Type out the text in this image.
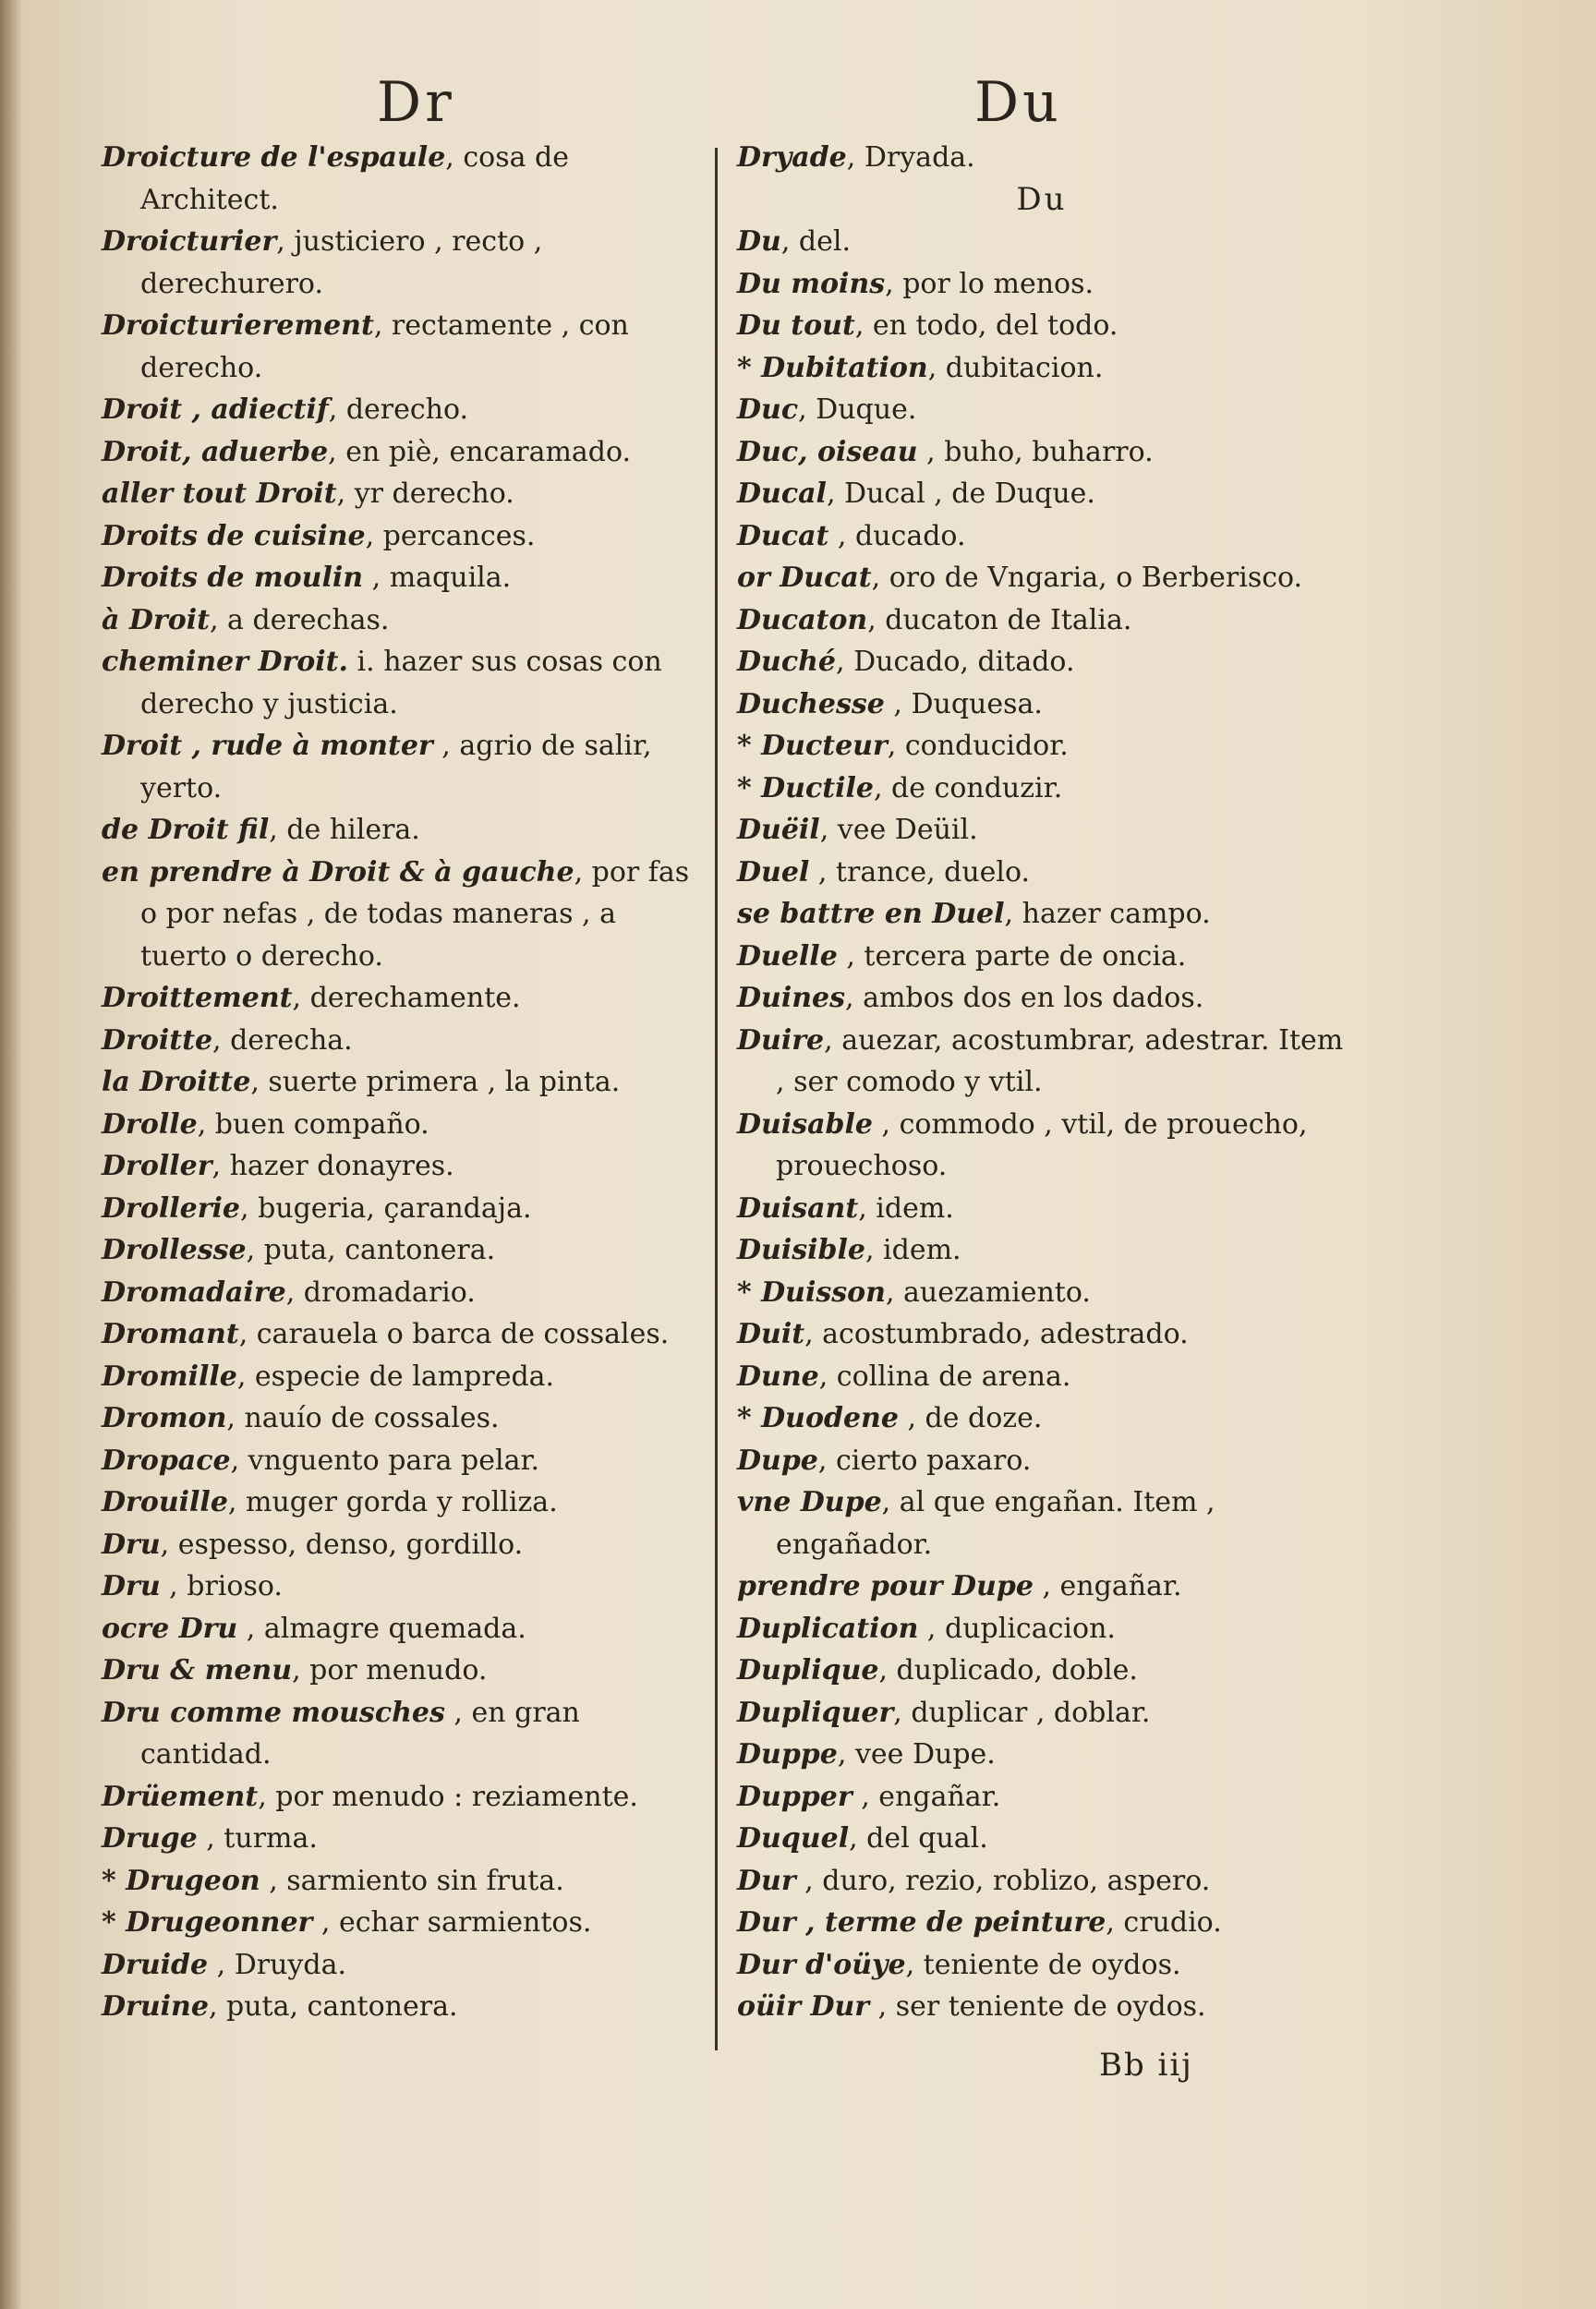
Dr	Du

Droicture de l'espaule, cosa de Architect.

Droicturier, justiciero , recto , derechurero.

Droicturierement, rectamente , con derecho.

Droit , adiectif, derecho.

Droit, aduerbe, en piè, encaramado.

aller tout Droit, yr derecho.

Droits de cuisine, percances.

Droits de moulin , maquila.

à Droit, a derechas.

cheminer Droit. i. hazer sus cosas con derecho y justicia.

Droit , rude à monter , agrio de salir, yerto.

de Droit fil, de hilera.

en prendre à Droit & à gauche, por fas o por nefas , de todas maneras , a tuerto o derecho.

Droittement, derechamente.

Droitte, derecha.

la Droitte, suerte primera , la pinta.

Drolle, buen compaño.

Droller, hazer donayres.

Drollerie, bugeria, çarandaja.

Drollesse, puta, cantonera.

Dromadaire, dromadario.

Dromant, carauela o barca de cossales.

Dromille, especie de lampreda.

Dromon, nauío de cossales.

Dropace, vnguento para pelar.

Drouille, muger gorda y rolliza.

Dru, espesso, denso, gordillo.

Dru , brioso.

ocre Dru , almagre quemada.

Dru & menu, por menudo.

Dru comme mousches , en gran cantidad.

Drüement, por menudo : reziamente.

Druge , turma.

* Drugeon , sarmiento sin fruta.

* Drugeonner , echar sarmientos.

Druide , Druyda.

Druine, puta, cantonera.

Dryade, Dryada.

Du

Du, del.

Du moins, por lo menos.

Du tout, en todo, del todo.

* Dubitation, dubitacion.

Duc, Duque.

Duc, oiseau , buho, buharro.

Ducal, Ducal , de Duque.

Ducat , ducado.

or Ducat, oro de Vngaria, o Berberisco.

Ducaton, ducaton de Italia.

Duché, Ducado, ditado.

Duchesse , Duquesa.

* Ducteur, conducidor.

* Ductile, de conduzir.

Duëil, vee Deüil.

Duel , trance, duelo.

se battre en Duel, hazer campo.

Duelle , tercera parte de oncia.

Duines, ambos dos en los dados.

Duire, auezar, acostumbrar, adestrar. Item , ser comodo y vtil.

Duisable , commodo , vtil, de prouecho, prouechoso.

Duisant, idem.

Duisible, idem.

* Duisson, auezamiento.

Duit, acostumbrado, adestrado.

Dune, collina de arena.

* Duodene , de doze.

Dupe, cierto paxaro.

vne Dupe, al que engañan. Item , engañador.

prendre pour Dupe , engañar.

Duplication , duplicacion.

Duplique, duplicado, doble.

Dupliquer, duplicar , doblar.

Duppe, vee Dupe.

Dupper , engañar.

Duquel, del qual.

Dur , duro, rezio, roblizo, aspero.

Dur , terme de peinture, crudio.

Dur d'oüye, teniente de oydos.

oüir Dur , ser teniente de oydos.

Bb iij
